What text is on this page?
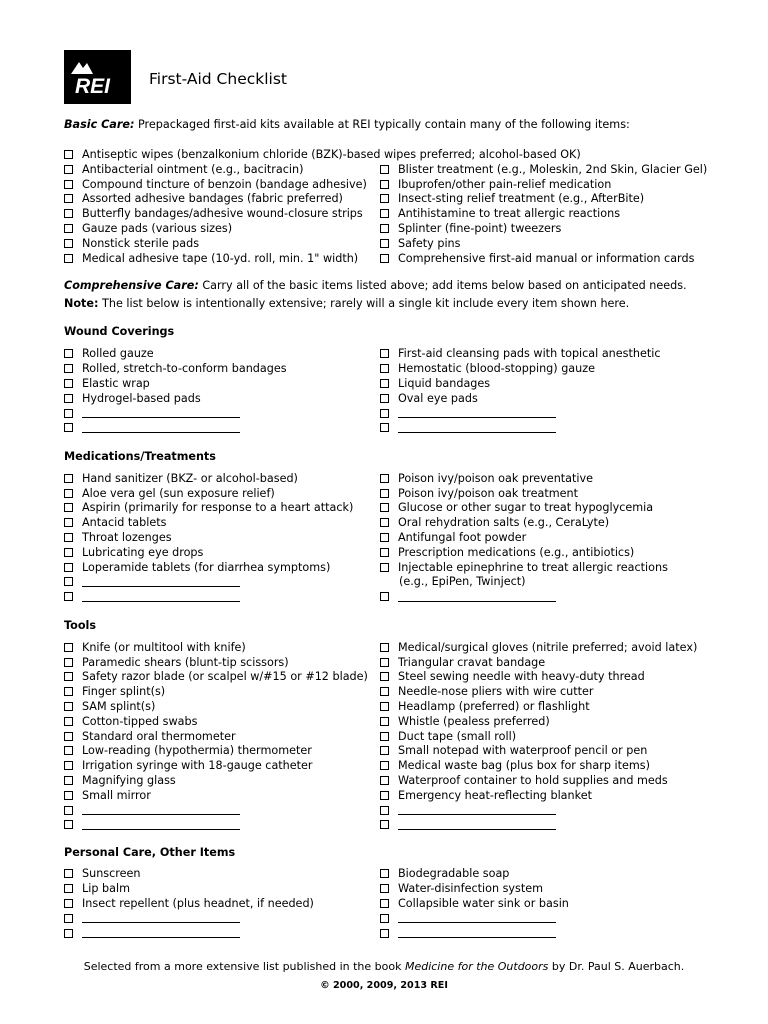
REI	First-Aid Checklist
Basic Care: Prepackaged first-aid kits available at REI typically contain many of the following items:
Comprehensive Care: Carry all of the basic items listed above; add items below based on anticipated needs.
Note: The list below is intentionally extensive; rarely will a single kit include every item shown here.
Wound Coverings
Medications/Treatments
Tools
Personal Care, Other Items
Antiseptic wipes (benzalkonium chloride (BZK)-based wipes preferred; alcohol-based OK)
Antibacterial ointment (e.g., bacitracin)
Compound tincture of benzoin (bandage adhesive)
Assorted adhesive bandages (fabric preferred)
Butterfly bandages/adhesive wound-closure strips
Gauze pads (various sizes)
Nonstick sterile pads
Medical adhesive tape (10-yd. roll, min. 1" width)
Blister treatment (e.g., Moleskin, 2nd Skin, Glacier Gel)
Ibuprofen/other pain-relief medication
Insect-sting relief treatment (e.g., AfterBite)
Antihistamine to treat allergic reactions
Splinter (fine-point) tweezers
Safety pins
Comprehensive first-aid manual or information cards
Rolled gauze
Rolled, stretch-to-conform bandages
Elastic wrap
Hydrogel-based pads
First-aid cleansing pads with topical anesthetic
Hemostatic (blood-stopping) gauze
Liquid bandages
Oval eye pads
Hand sanitizer (BKZ- or alcohol-based)
Aloe vera gel (sun exposure relief)
Aspirin (primarily for response to a heart attack)
Antacid tablets
Throat lozenges
Lubricating eye drops
Loperamide tablets (for diarrhea symptoms)
Poison ivy/poison oak preventative
Poison ivy/poison oak treatment
Glucose or other sugar to treat hypoglycemia
Oral rehydration salts (e.g., CeraLyte)
Antifungal foot powder
Prescription medications (e.g., antibiotics)
Injectable epinephrine to treat allergic reactions
(e.g., EpiPen, Twinject)
Knife (or multitool with knife)
Paramedic shears (blunt-tip scissors)
Safety razor blade (or scalpel w/#15 or #12 blade)
Finger splint(s)
SAM splint(s)
Cotton-tipped swabs
Standard oral thermometer
Low-reading (hypothermia) thermometer
Irrigation syringe with 18-gauge catheter
Magnifying glass
Small mirror
Medical/surgical gloves (nitrile preferred; avoid latex)
Triangular cravat bandage
Steel sewing needle with heavy-duty thread
Needle-nose pliers with wire cutter
Headlamp (preferred) or flashlight
Whistle (pealess preferred)
Duct tape (small roll)
Small notepad with waterproof pencil or pen
Medical waste bag (plus box for sharp items)
Waterproof container to hold supplies and meds
Emergency heat-reflecting blanket
Sunscreen
Lip balm
Insect repellent (plus headnet, if needed)
Biodegradable soap
Water-disinfection system
Collapsible water sink or basin
Selected from a more extensive list published in the book Medicine for the Outdoors by Dr. Paul S. Auerbach.
© 2000, 2009, 2013 REI
